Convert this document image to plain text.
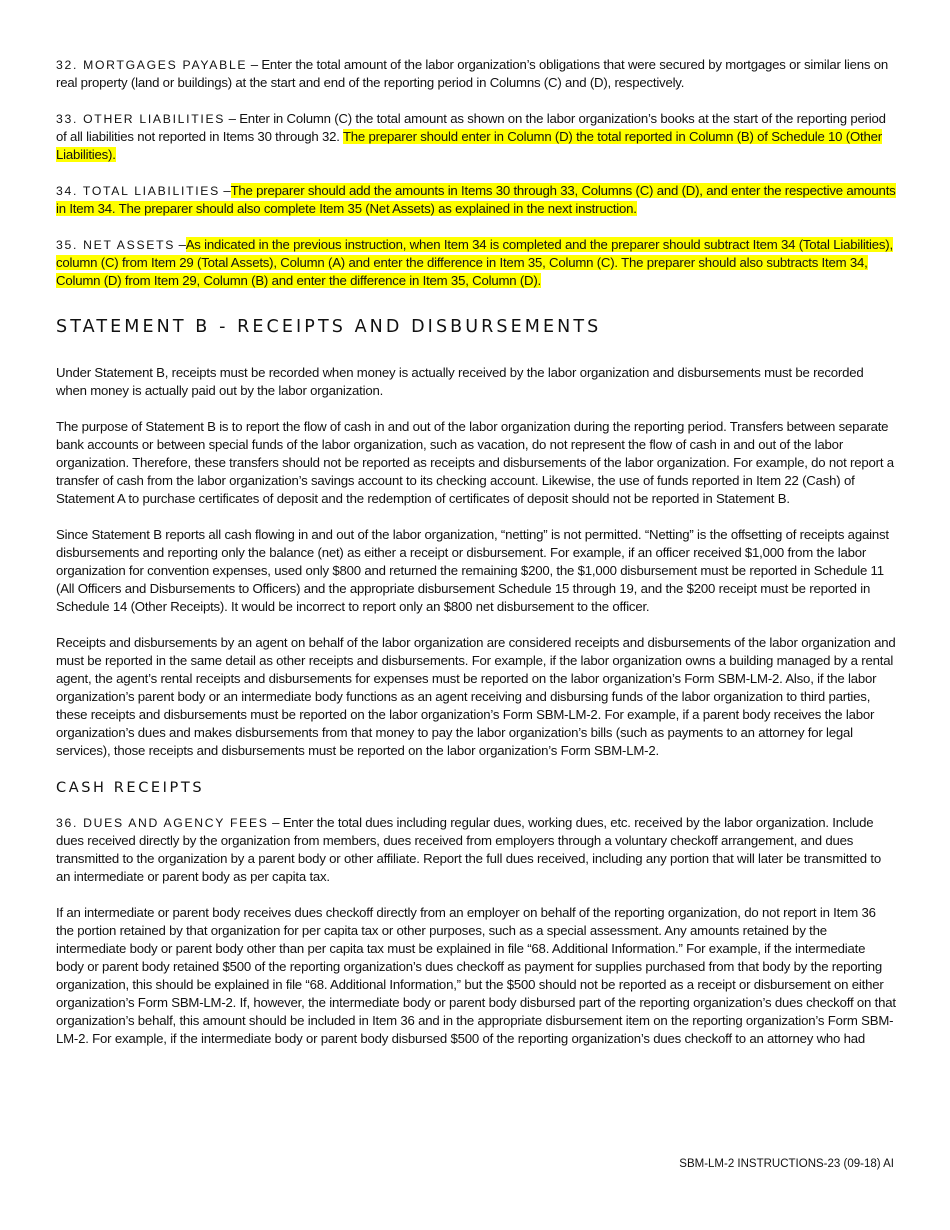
32. MORTGAGES PAYABLE – Enter the total amount of the labor organization’s obligations that were secured by mortgages or similar liens on real property (land or buildings) at the start and end of the reporting period in Columns (C) and (D), respectively.

33. OTHER LIABILITIES – Enter in Column (C) the total amount as shown on the labor organization’s books at the start of the reporting period of all liabilities not reported in Items 30 through 32. The preparer should enter in Column (D) the total reported in Column (B) of Schedule 10 (Other Liabilities).

34. TOTAL LIABILITIES –The preparer should add the amounts in Items 30 through 33, Columns (C) and (D), and enter the respective amounts in Item 34. The preparer should also complete Item 35 (Net Assets) as explained in the next instruction.

35. NET ASSETS –As indicated in the previous instruction, when Item 34 is completed and the preparer should subtract Item 34 (Total Liabilities), column (C) from Item 29 (Total Assets), Column (A) and enter the difference in Item 35, Column (C). The preparer should also subtracts Item 34, Column (D) from Item 29, Column (B) and enter the difference in Item 35, Column (D).

STATEMENT B - RECEIPTS AND DISBURSEMENTS

Under Statement B, receipts must be recorded when money is actually received by the labor organization and disbursements must be recorded when money is actually paid out by the labor organization.

The purpose of Statement B is to report the flow of cash in and out of the labor organization during the reporting period. Transfers between separate bank accounts or between special funds of the labor organization, such as vacation, do not represent the flow of cash in and out of the labor organization. Therefore, these transfers should not be reported as receipts and disbursements of the labor organization. For example, do not report a transfer of cash from the labor organization’s savings account to its checking account. Likewise, the use of funds reported in Item 22 (Cash) of Statement A to purchase certificates of deposit and the redemption of certificates of deposit should not be reported in Statement B.

Since Statement B reports all cash flowing in and out of the labor organization, “netting” is not permitted. “Netting” is the offsetting of receipts against disbursements and reporting only the balance (net) as either a receipt or disbursement. For example, if an officer received $1,000 from the labor organization for convention expenses, used only $800 and returned the remaining $200, the $1,000 disbursement must be reported in Schedule 11 (All Officers and Disbursements to Officers) and the appropriate disbursement Schedule 15 through 19, and the $200 receipt must be reported in Schedule 14 (Other Receipts). It would be incorrect to report only an $800 net disbursement to the officer.

Receipts and disbursements by an agent on behalf of the labor organization are considered receipts and disbursements of the labor organization and must be reported in the same detail as other receipts and disbursements. For example, if the labor organization owns a building managed by a rental agent, the agent’s rental receipts and disbursements for expenses must be reported on the labor organization’s Form SBM-LM-2. Also, if the labor organization’s parent body or an intermediate body functions as an agent receiving and disbursing funds of the labor organization to third parties, these receipts and disbursements must be reported on the labor organization’s Form SBM-LM-2. For example, if a parent body receives the labor organization’s dues and makes disbursements from that money to pay the labor organization’s bills (such as payments to an attorney for legal services), those receipts and disbursements must be reported on the labor organization’s Form SBM-LM-2.

CASH RECEIPTS

36. DUES AND AGENCY FEES – Enter the total dues including regular dues, working dues, etc. received by the labor organization. Include dues received directly by the organization from members, dues received from employers through a voluntary checkoff arrangement, and dues transmitted to the organization by a parent body or other affiliate. Report the full dues received, including any portion that will later be transmitted to an intermediate or parent body as per capita tax.

If an intermediate or parent body receives dues checkoff directly from an employer on behalf of the reporting organization, do not report in Item 36 the portion retained by that organization for per capita tax or other purposes, such as a special assessment. Any amounts retained by the intermediate body or parent body other than per capita tax must be explained in file “68. Additional Information.” For example, if the intermediate body or parent body retained $500 of the reporting organization’s dues checkoff as payment for supplies purchased from that body by the reporting organization, this should be explained in file “68. Additional Information,” but the $500 should not be reported as a receipt or disbursement on either organization’s Form SBM-LM-2. If, however, the intermediate body or parent body disbursed part of the reporting organization’s dues checkoff on that organization’s behalf, this amount should be included in Item 36 and in the appropriate disbursement item on the reporting organization’s Form SBM-LM-2. For example, if the intermediate body or parent body disbursed $500 of the reporting organization’s dues checkoff to an attorney who had

SBM-LM-2 INSTRUCTIONS-23 (09-18) AI
